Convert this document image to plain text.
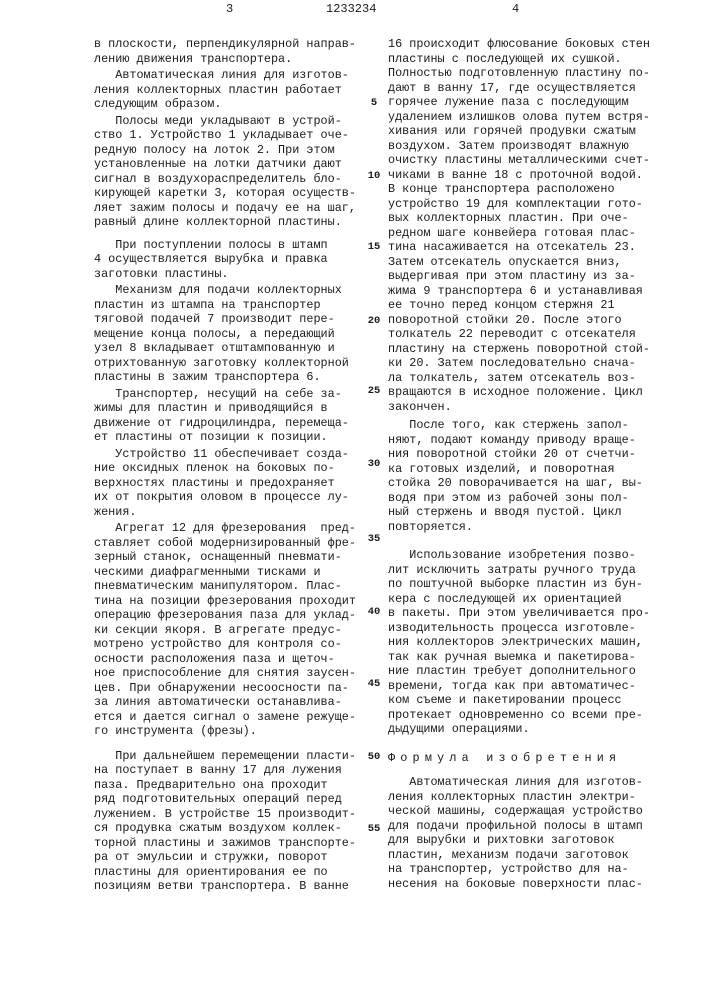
3	1233234	4
в плоскости, перпендикулярной направ-
лению движения транспортера.
Автоматическая линия для изготов-
ления коллекторных пластин работает
следующим образом.
Полосы меди укладывают в устрой-
ство 1. Устройство 1 укладывает оче-
редную полосу на лоток 2. При этом
установленные на лотки датчики дают
сигнал в воздухораспределитель бло-
кирующей каретки 3, которая осуществ-
ляет зажим полосы и подачу ее на шаг,
равный длине коллекторной пластины.
При поступлении полосы в штамп
4 осуществляется вырубка и правка
заготовки пластины.
Механизм для подачи коллекторных
пластин из штампа на транспортер
тяговой подачей 7 производит пере-
мещение конца полосы, а передающий
узел 8 вкладывает отштампованную и
отрихтованную заготовку коллекторной
пластины в зажим транспортера 6.
Транспортер, несущий на себе за-
жимы для пластин и приводящийся в
движение от гидроцилиндра, перемеща-
ет пластины от позиции к позиции.
Устройство 11 обеспечивает созда-
ние оксидных пленок на боковых по-
верхностях пластины и предохраняет
их от покрытия оловом в процессе лу-
жения.
Агрегат 12 для фрезерования  пред-
ставляет собой модернизированный фре-
зерный станок, оснащенный пневмати-
ческими диафрагменными тисками и
пневматическим манипулятором. Плас-
тина на позиции фрезерования проходит
операцию фрезерования паза для уклад-
ки секции якоря. В агрегате предус-
мотрено устройство для контроля со-
осности расположения паза и щеточ-
ное приспособление для снятия заусен-
цев. При обнаружении несоосности па-
за линия автоматически останавлива-
ется и дается сигнал о замене режуще-
го инструмента (фрезы).
При дальнейшем перемещении пласти-
на поступает в ванну 17 для лужения
паза. Предварительно она проходит
ряд подготовительных операций перед
лужением. В устройстве 15 производит-
ся продувка сжатым воздухом коллек-
торной пластины и зажимов транспорте-
ра от эмульсии и стружки, поворот
пластины для ориентирования ее по
позициям ветви транспортера. В ванне
16 происходит флюсование боковых стен
пластины с последующей их сушкой.
Полностью подготовленную пластину по-
дают в ванну 17, где осуществляется
горячее лужение паза с последующим
удалением излишков олова путем встря-
хивания или горячей продувки сжатым
воздухом. Затем производят влажную
очистку пластины металлическими счет-
чиками в ванне 18 с проточной водой.
В конце транспортера расположено
устройство 19 для комплектации гото-
вых коллекторных пластин. При оче-
редном шаге конвейера готовая плас-
тина насаживается на отсекатель 23.
Затем отсекатель опускается вниз,
выдергивая при этом пластину из за-
жима 9 транспортера 6 и устанавливая
ее точно перед концом стержня 21
поворотной стойки 20. После этого
толкатель 22 переводит с отсекателя
пластину на стержень поворотной стой-
ки 20. Затем последовательно снача-
ла толкатель, затем отсекатель воз-
вращаются в исходное положение. Цикл
закончен.
После того, как стержень запол-
няют, подают команду приводу враще-
ния поворотной стойки 20 от счетчи-
ка готовых изделий, и поворотная
стойка 20 поворачивается на шаг, вы-
водя при этом из рабочей зоны пол-
ный стержень и вводя пустой. Цикл
повторяется.
Использование изобретения позво-
лит исключить затраты ручного труда
по поштучной выборке пластин из бун-
кера с последующей их ориентацией
в пакеты. При этом увеличивается про-
изводительность процесса изготовле-
ния коллекторов электрических машин,
так как ручная выемка и пакетирова-
ние пластин требует дополнительного
времени, тогда как при автоматичес-
ком съеме и пакетировании процесс
протекает одновременно со всеми пре-
дыдущими операциями.
Формула изобретения
Автоматическая линия для изготов-
ления коллекторных пластин электри-
ческой машины, содержащая устройство
для подачи профильной полосы в штамп
для вырубки и рихтовки заготовок
пластин, механизм подачи заготовок
на транспортер, устройство для на-
несения на боковые поверхности плас-
5
10
15
20
25
30
35
40
45
50
55
